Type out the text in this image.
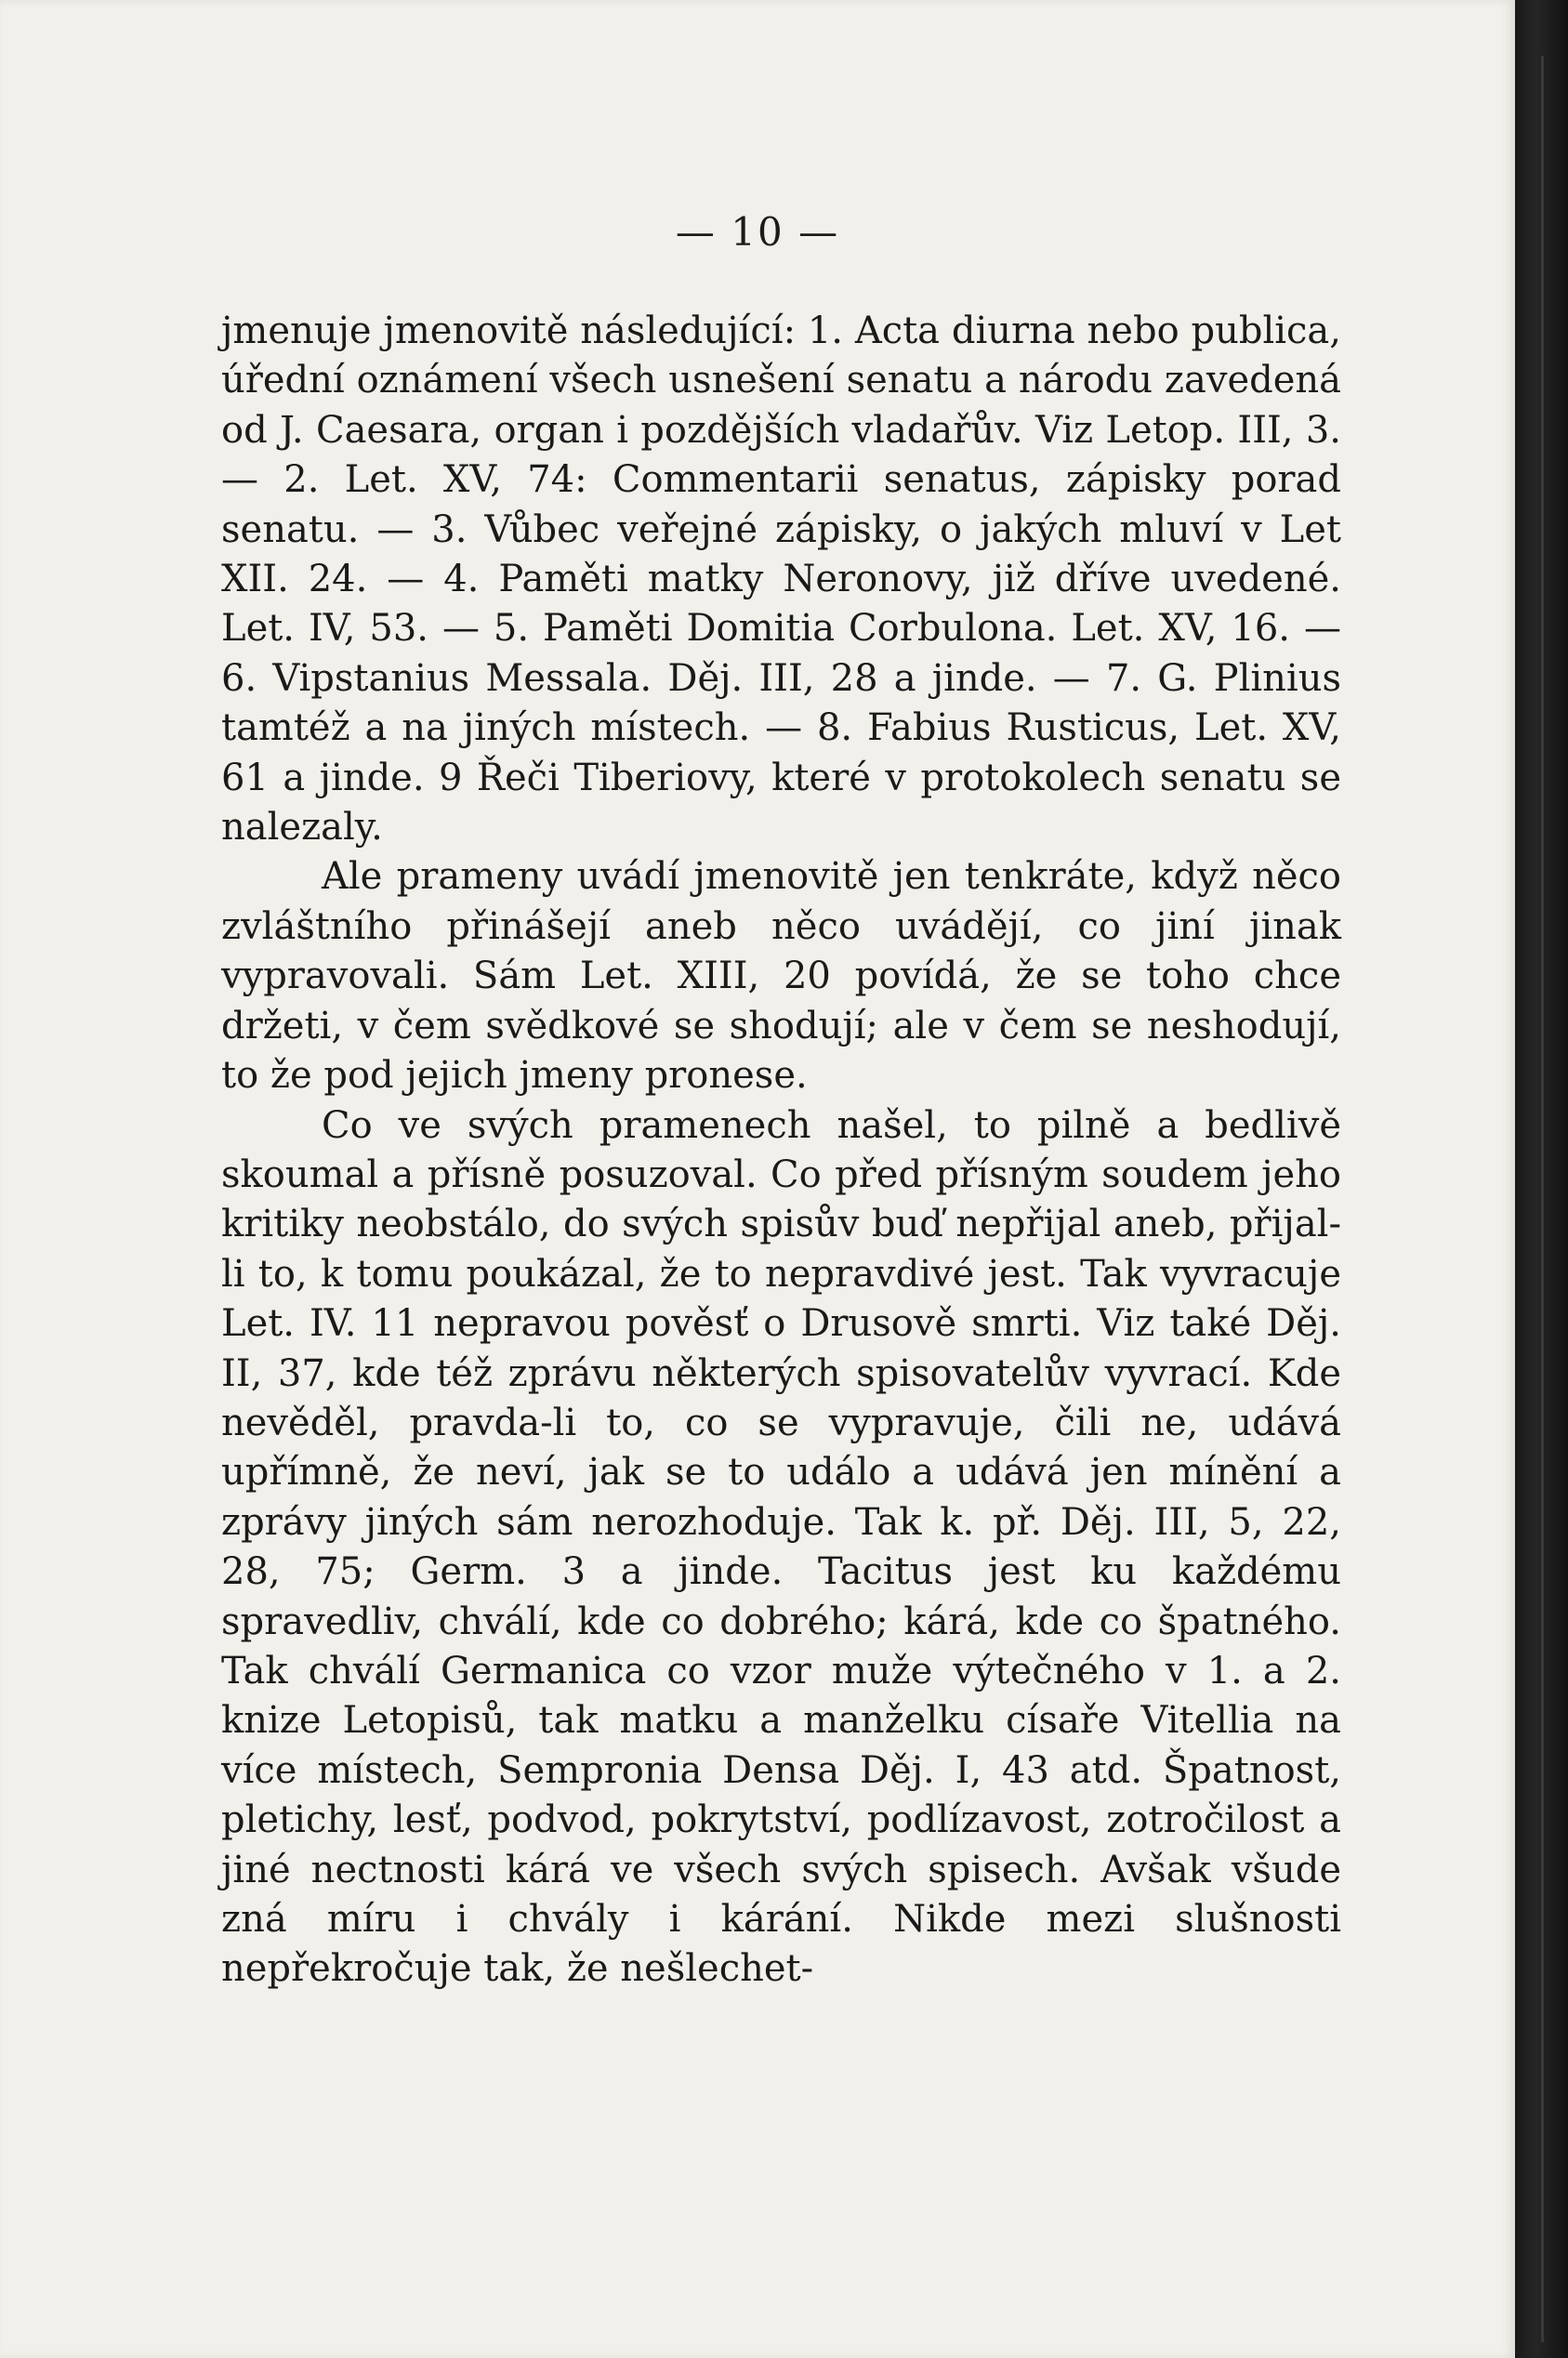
— 10 —

jmenuje jmenovitě následující: 1. Acta diurna nebo publica, úřední oznámení všech usnešení senatu a národu zavedená od J. Caesara, organ i pozdějších vladařův. Viz Letop. III, 3. — 2. Let. XV, 74: Commentarii senatus, zápisky porad senatu. — 3. Vůbec veřejné zápisky, o jakých mluví v Let XII. 24. — 4. Paměti matky Neronovy, již dříve uvedené. Let. IV, 53. — 5. Paměti Domitia Corbulona. Let. XV, 16. — 6. Vipstanius Messala. Děj. III, 28 a jinde. — 7. G. Plinius tamtéž a na jiných místech. — 8. Fabius Rusticus, Let. XV, 61 a jinde. 9 Řeči Tiberiovy, které v protokolech senatu se nalezaly.

Ale prameny uvádí jmenovitě jen tenkráte, když něco zvláštního přinášejí aneb něco uvádějí, co jiní jinak vypravovali. Sám Let. XIII, 20 povídá, že se toho chce držeti, v čem svědkové se shodují; ale v čem se neshodují, to že pod jejich jmeny pronese.

Co ve svých pramenech našel, to pilně a bedlivě skoumal a přísně posuzoval. Co před přísným soudem jeho kritiky neobstálo, do svých spisův buď nepřijal aneb, přijal-li to, k tomu poukázal, že to nepravdivé jest. Tak vyvracuje Let. IV. 11 nepravou pověsť o Drusově smrti. Viz také Děj. II, 37, kde též zprávu některých spisovatelův vyvrací. Kde nevěděl, pravda-li to, co se vypravuje, čili ne, udává upřímně, že neví, jak se to událo a udává jen mínění a zprávy jiných sám nerozhoduje. Tak k. př. Děj. III, 5, 22, 28, 75; Germ. 3 a jinde. Tacitus jest ku každému spravedliv, chválí, kde co dobrého; kárá, kde co špatného. Tak chválí Germanica co vzor muže výtečného v 1. a 2. knize Letopisů, tak matku a manželku císaře Vitellia na více místech, Sempronia Densa Děj. I, 43 atd. Špatnost, pletichy, lesť, podvod, pokrytství, podlízavost, zotročilost a jiné nectnosti kárá ve všech svých spisech. Avšak všude zná míru i chvály i kárání. Nikde mezi slušnosti nepřekročuje tak, že nešlechet-
